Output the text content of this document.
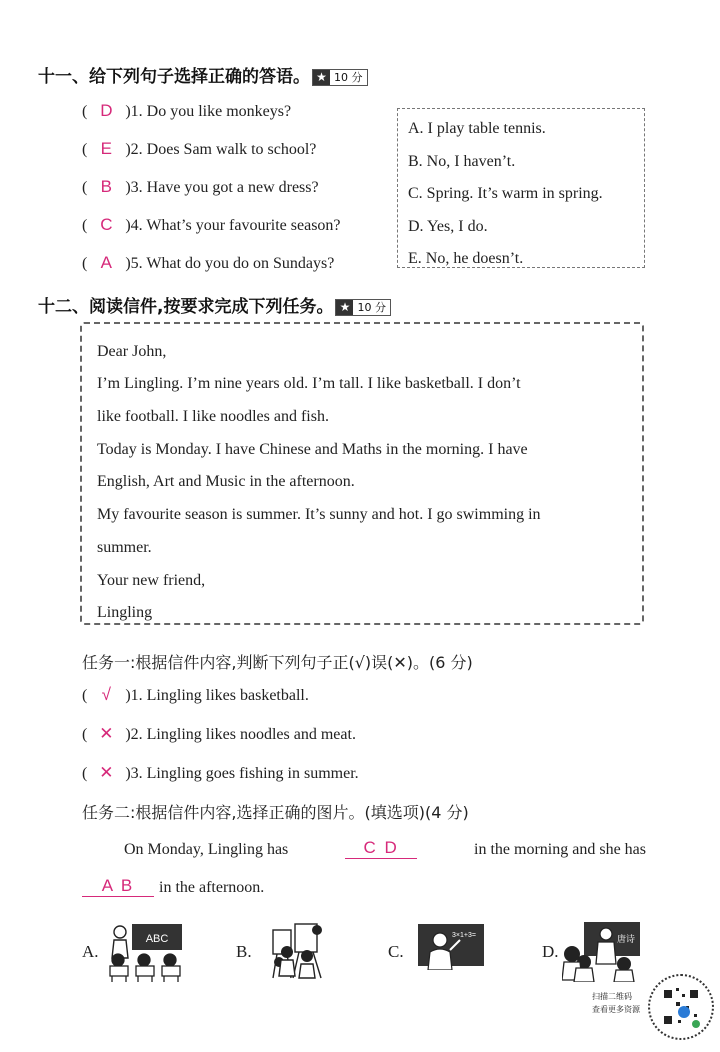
十一、给下列句子选择正确的答语。 ★ 10 分
( D )1. Do you like monkeys?
( E )2. Does Sam walk to school?
( B )3. Have you got a new dress?
( C )4. What’s your favourite season?
( A )5. What do you do on Sundays?
A. I play table tennis.
B. No, I haven’t.
C. Spring. It’s warm in spring.
D. Yes, I do.
E. No, he doesn’t.
十二、阅读信件,按要求完成下列任务。 ★ 10 分
Dear John,
I’m Lingling. I’m nine years old. I’m tall. I like basketball. I don’t
like football. I like noodles and fish.
Today is Monday. I have Chinese and Maths in the morning. I have
English, Art and Music in the afternoon.
My favourite season is summer. It’s sunny and hot. I go swimming in
summer.
Your new friend,
Lingling
任务一:根据信件内容,判断下列句子正(√)误(✕)。(6 分)
( √ )1. Lingling likes basketball.
( ✕ )2. Lingling likes noodles and meat.
( ✕ )3. Lingling goes fishing in summer.
任务二:根据信件内容,选择正确的图片。(填选项)(4 分)
On Monday, Lingling has	C D	in the morning and she has
A B	in the afternoon.
A.
ABC
B.	C.
3×1+3=
D.
唐诗
扫描二维码
查看更多资源
